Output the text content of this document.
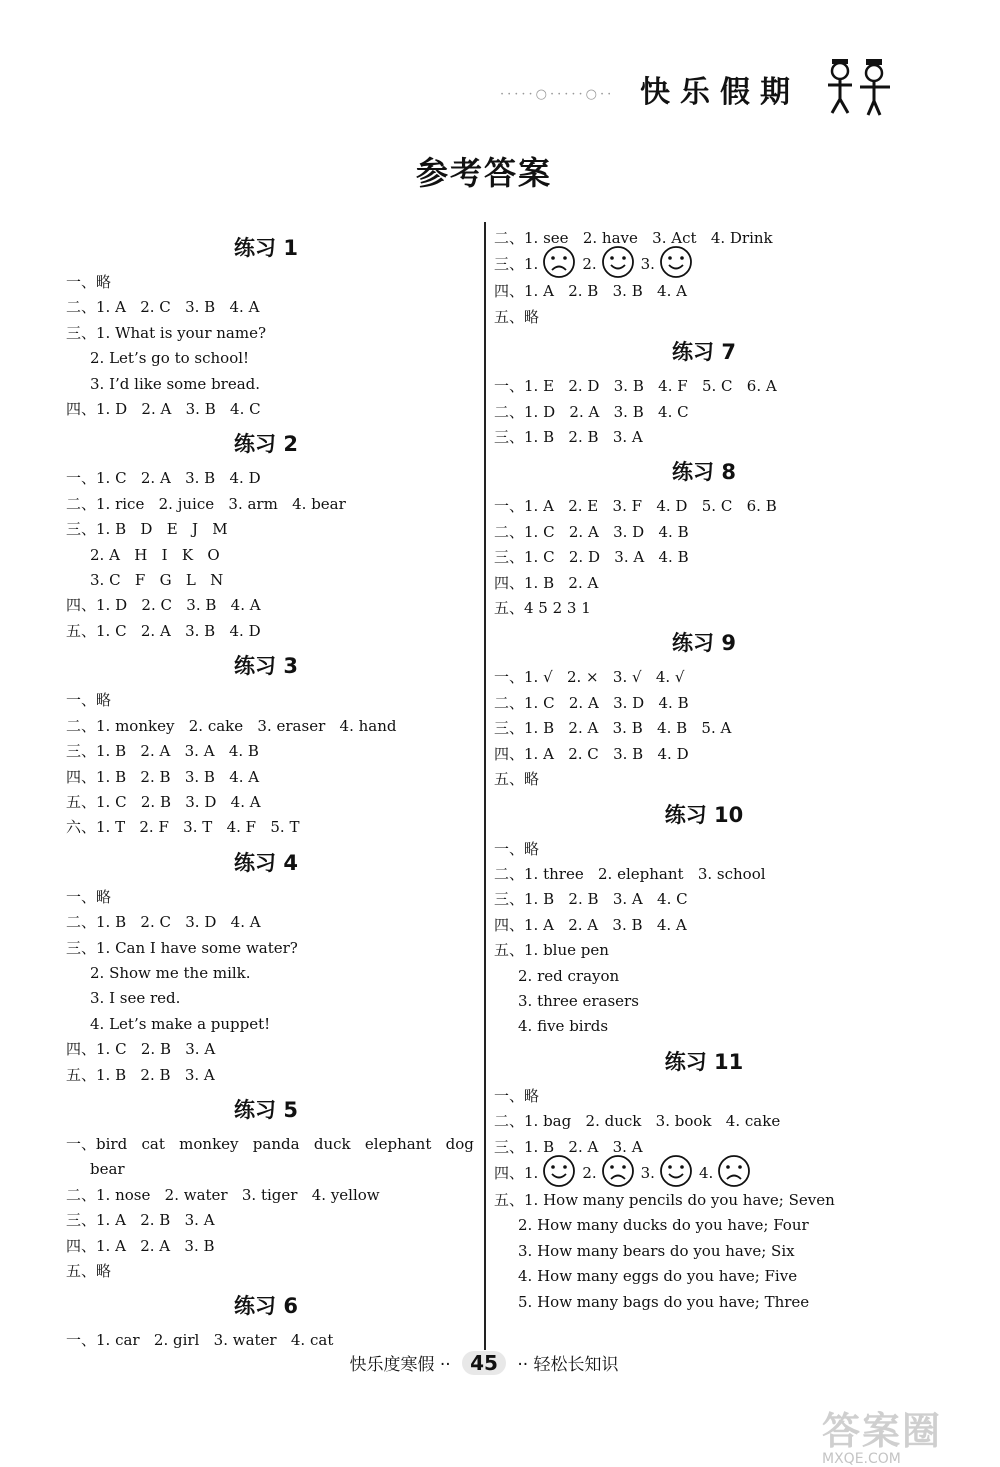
·····○·····○·· 快乐假期
参考答案
练习 1
一、略
二、1. A   2. C   3. B   4. A
三、1. What is your name?
2. Let’s go to school!
3. I’d like some bread.
四、1. D   2. A   3. B   4. C
练习 2
一、1. C   2. A   3. B   4. D
二、1. rice   2. juice   3. arm   4. bear
三、1. B   D   E   J   M
2. A   H   I   K   O
3. C   F   G   L   N
四、1. D   2. C   3. B   4. A
五、1. C   2. A   3. B   4. D
练习 3
一、略
二、1. monkey   2. cake   3. eraser   4. hand
三、1. B   2. A   3. A   4. B
四、1. B   2. B   3. B   4. A
五、1. C   2. B   3. D   4. A
六、1. T   2. F   3. T   4. F   5. T
练习 4
一、略
二、1. B   2. C   3. D   4. A
三、1. Can I have some water?
2. Show me the milk.
3. I see red.
4. Let’s make a puppet!
四、1. C   2. B   3. A
五、1. B   2. B   3. A
练习 5
一、bird   cat   monkey   panda   duck   elephant   dog
bear
二、1. nose   2. water   3. tiger   4. yellow
三、1. A   2. B   3. A
四、1. A   2. A   3. B
五、略
练习 6
一、1. car   2. girl   3. water   4. cat
二、1. see   2. have   3. Act   4. Drink
三、1.	2.	3.
四、1. A   2. B   3. B   4. A
五、略
练习 7
一、1. E   2. D   3. B   4. F   5. C   6. A
二、1. D   2. A   3. B   4. C
三、1. B   2. B   3. A
练习 8
一、1. A   2. E   3. F   4. D   5. C   6. B
二、1. C   2. A   3. D   4. B
三、1. C   2. D   3. A   4. B
四、1. B   2. A
五、4 5 2 3 1
练习 9
一、1. √   2. ×   3. √   4. √
二、1. C   2. A   3. D   4. B
三、1. B   2. A   3. B   4. B   5. A
四、1. A   2. C   3. B   4. D
五、略
练习 10
一、略
二、1. three   2. elephant   3. school
三、1. B   2. B   3. A   4. C
四、1. A   2. A   3. B   4. A
五、1. blue pen
2. red crayon
3. three erasers
4. five birds
练习 11
一、略
二、1. bag   2. duck   3. book   4. cake
三、1. B   2. A   3. A
四、1.	2.	3.	4.
五、1. How many pencils do you have; Seven
2. How many ducks do you have; Four
3. How many bears do you have; Six
4. How many eggs do you have; Five
5. How many bags do you have; Three
快乐度寒假 ·· 45 ·· 轻松长知识
答案圈
MXQE.COM
